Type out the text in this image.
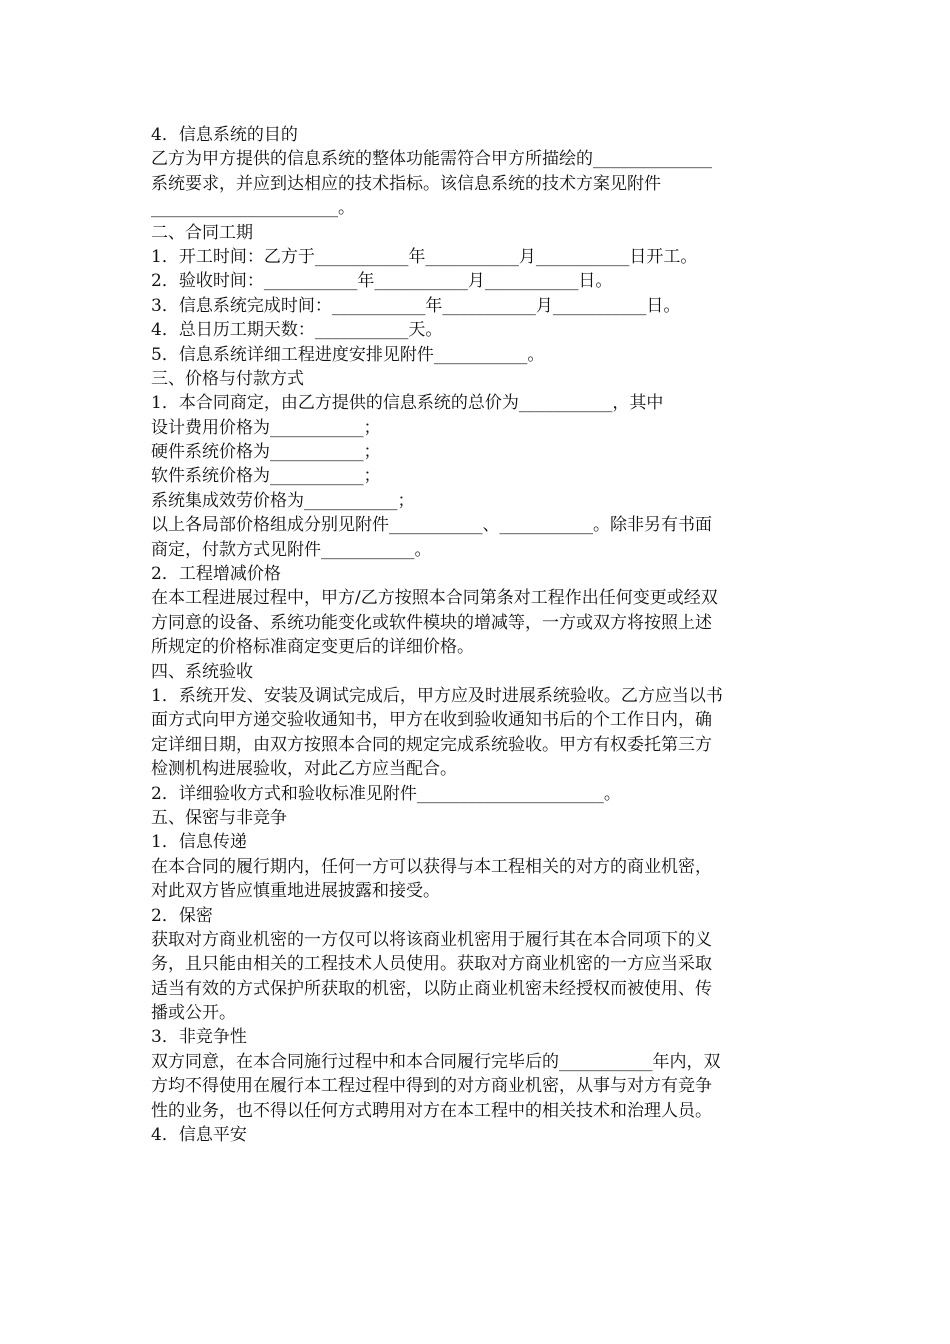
4．信息系统的目的
乙方为甲方提供的信息系统的整体功能需符合甲方所描绘的______________
系统要求，并应到达相应的技术指标。该信息系统的技术方案见附件
______________________。
二、合同工期
1．开工时间：乙方于___________年___________月___________日开工。
2．验收时间：___________年___________月___________日。
3．信息系统完成时间：___________年___________月___________日。
4．总日历工期天数：___________天。
5．信息系统详细工程进度安排见附件___________。
三、价格与付款方式
1．本合同商定，由乙方提供的信息系统的总价为___________，其中
设计费用价格为___________；
硬件系统价格为___________；
软件系统价格为___________；
系统集成效劳价格为___________；
以上各局部价格组成分别见附件___________、___________。除非另有书面
商定，付款方式见附件___________。
2．工程增减价格
在本工程进展过程中，甲方/乙方按照本合同第条对工程作出任何变更或经双
方同意的设备、系统功能变化或软件模块的增减等，一方或双方将按照上述
所规定的价格标准商定变更后的详细价格。
四、系统验收
1．系统开发、安装及调试完成后，甲方应及时进展系统验收。乙方应当以书
面方式向甲方递交验收通知书，甲方在收到验收通知书后的个工作日内，确
定详细日期，由双方按照本合同的规定完成系统验收。甲方有权委托第三方
检测机构进展验收，对此乙方应当配合。
2．详细验收方式和验收标准见附件______________________。
五、保密与非竞争
1．信息传递
在本合同的履行期内，任何一方可以获得与本工程相关的对方的商业机密，
对此双方皆应慎重地进展披露和接受。
2．保密
获取对方商业机密的一方仅可以将该商业机密用于履行其在本合同项下的义
务，且只能由相关的工程技术人员使用。获取对方商业机密的一方应当采取
适当有效的方式保护所获取的机密，以防止商业机密未经授权而被使用、传
播或公开。
3．非竞争性
双方同意，在本合同施行过程中和本合同履行完毕后的___________年内，双
方均不得使用在履行本工程过程中得到的对方商业机密，从事与对方有竞争
性的业务，也不得以任何方式聘用对方在本工程中的相关技术和治理人员。
4．信息平安
